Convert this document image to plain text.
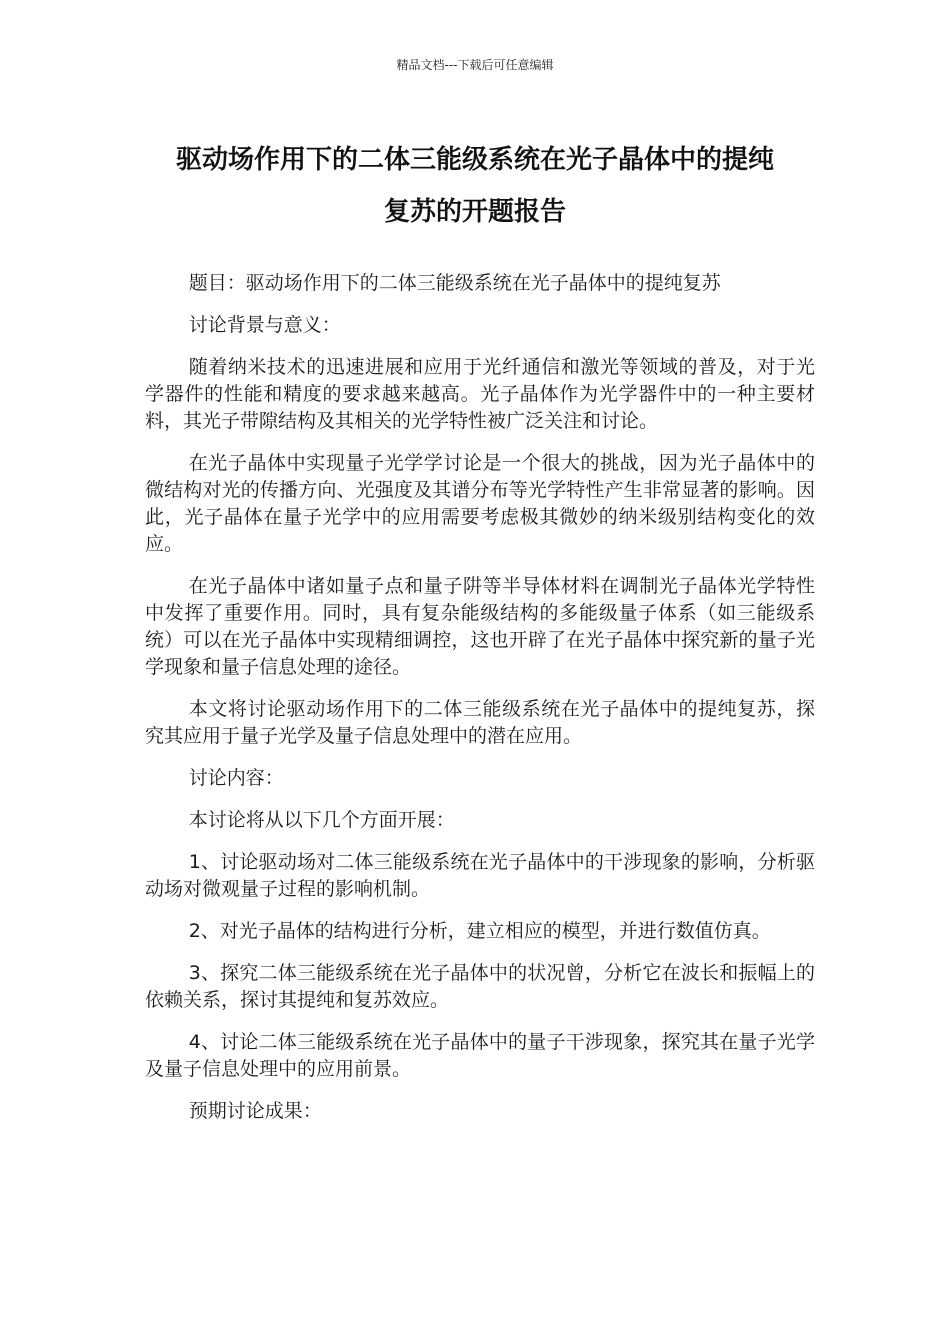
精品文档---下载后可任意编辑
驱动场作用下的二体三能级系统在光子晶体中的提纯
复苏的开题报告

题目：驱动场作用下的二体三能级系统在光子晶体中的提纯复苏

讨论背景与意义：

随着纳米技术的迅速进展和应用于光纤通信和激光等领域的普及，对于光学器件的性能和精度的要求越来越高。光子晶体作为光学器件中的一种主要材料，其光子带隙结构及其相关的光学特性被广泛关注和讨论。

在光子晶体中实现量子光学学讨论是一个很大的挑战，因为光子晶体中的微结构对光的传播方向、光强度及其谱分布等光学特性产生非常显著的影响。因此，光子晶体在量子光学中的应用需要考虑极其微妙的纳米级别结构变化的效应。

在光子晶体中诸如量子点和量子阱等半导体材料在调制光子晶体光学特性中发挥了重要作用。同时，具有复杂能级结构的多能级量子体系（如三能级系统）可以在光子晶体中实现精细调控，这也开辟了在光子晶体中探究新的量子光学现象和量子信息处理的途径。

本文将讨论驱动场作用下的二体三能级系统在光子晶体中的提纯复苏，探究其应用于量子光学及量子信息处理中的潜在应用。

讨论内容：

本讨论将从以下几个方面开展：

1、讨论驱动场对二体三能级系统在光子晶体中的干涉现象的影响，分析驱动场对微观量子过程的影响机制。

2、对光子晶体的结构进行分析，建立相应的模型，并进行数值仿真。

3、探究二体三能级系统在光子晶体中的状况曾，分析它在波长和振幅上的依赖关系，探讨其提纯和复苏效应。

4、讨论二体三能级系统在光子晶体中的量子干涉现象，探究其在量子光学及量子信息处理中的应用前景。

预期讨论成果：
